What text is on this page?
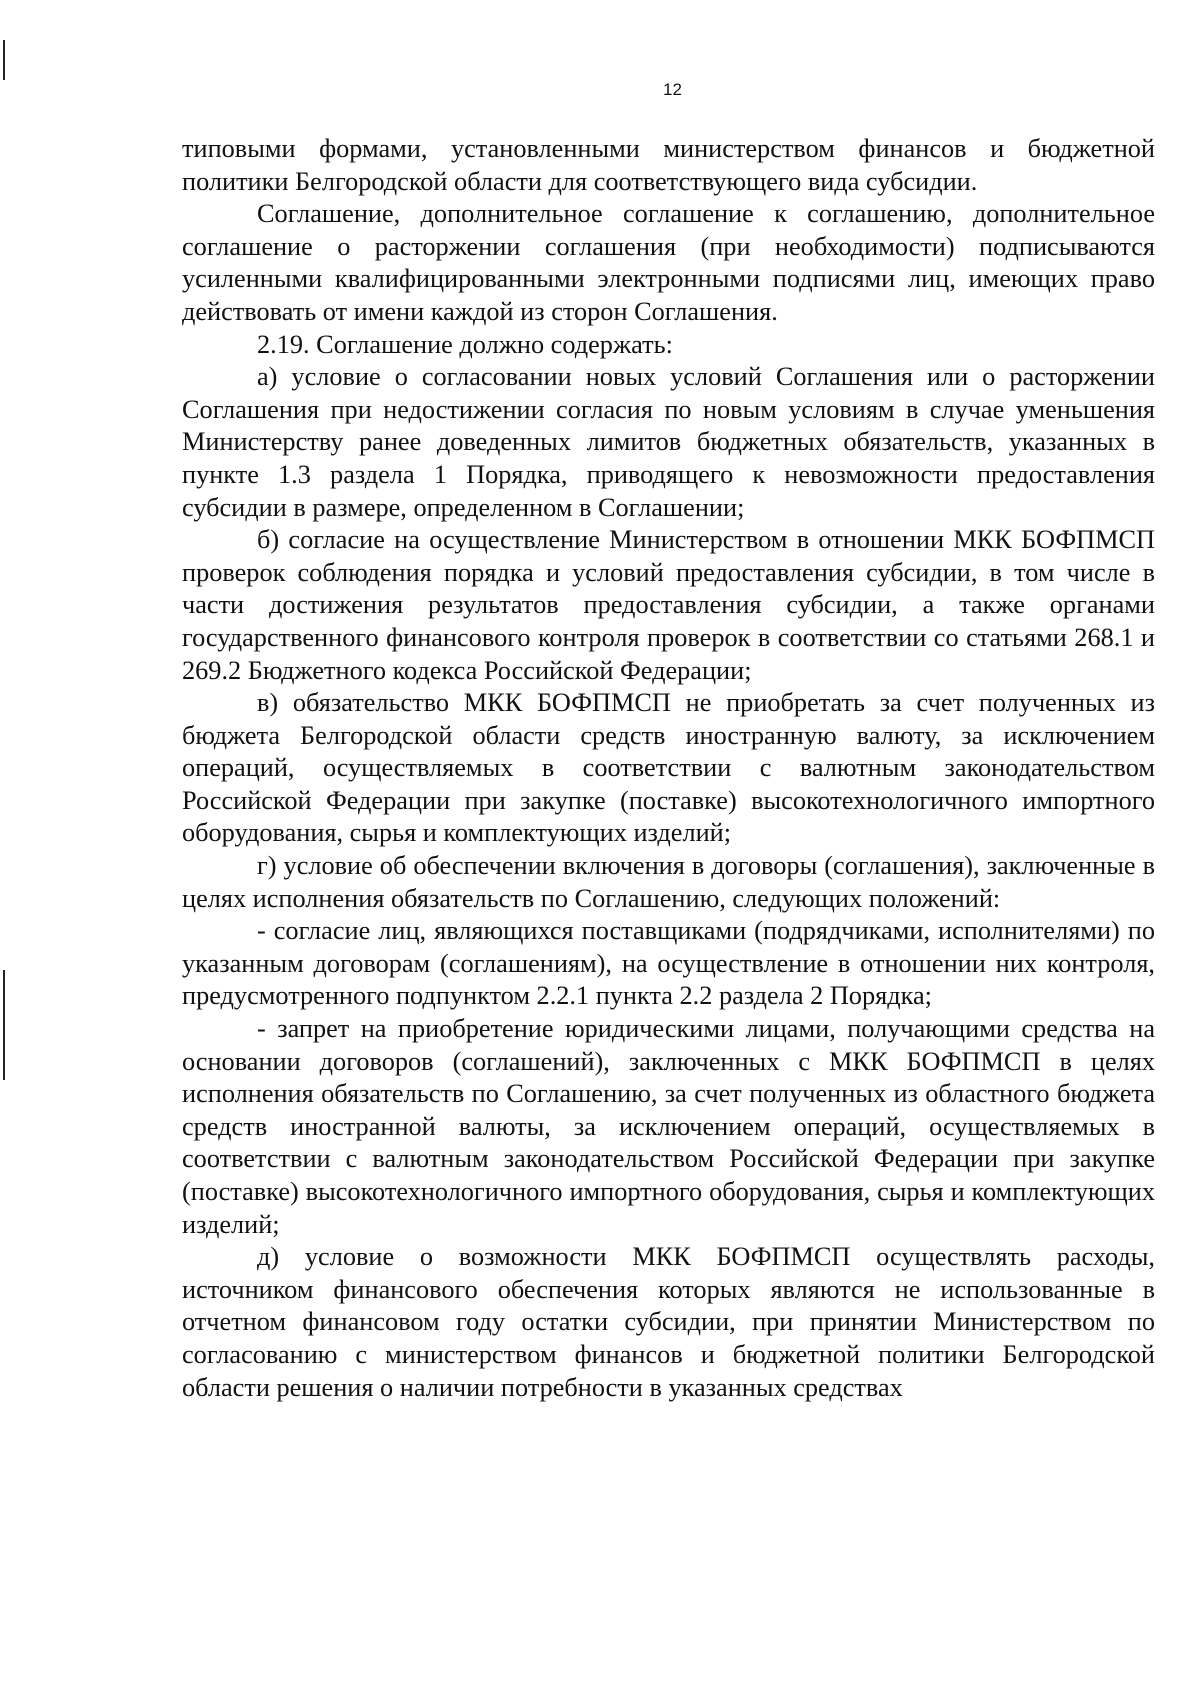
12

типовыми формами, установленными министерством финансов и бюджетной политики Белгородской области для соответствующего вида субсидии.

Соглашение, дополнительное соглашение к соглашению, дополнительное соглашение о расторжении соглашения (при необходимости) подписываются усиленными квалифицированными электронными подписями лиц, имеющих право действовать от имени каждой из сторон Соглашения.

2.19. Соглашение должно содержать:

а) условие о согласовании новых условий Соглашения или о расторжении Соглашения при недостижении согласия по новым условиям в случае уменьшения Министерству ранее доведенных лимитов бюджетных обязательств, указанных в пункте 1.3 раздела 1 Порядка, приводящего к невозможности предоставления субсидии в размере, определенном в Соглашении;

б) согласие на осуществление Министерством в отношении МКК БОФПМСП проверок соблюдения порядка и условий предоставления субсидии, в том числе в части достижения результатов предоставления субсидии, а также органами государственного финансового контроля проверок в соответствии со статьями 268.1 и 269.2 Бюджетного кодекса Российской Федерации;

в) обязательство МКК БОФПМСП не приобретать за счет полученных из бюджета Белгородской области средств иностранную валюту, за исключением операций, осуществляемых в соответствии с валютным законодательством Российской Федерации при закупке (поставке) высокотехнологичного импортного оборудования, сырья и комплектующих изделий;

г) условие об обеспечении включения в договоры (соглашения), заключенные в целях исполнения обязательств по Соглашению, следующих положений:

- согласие лиц, являющихся поставщиками (подрядчиками, исполнителями) по указанным договорам (соглашениям), на осуществление в отношении них контроля, предусмотренного подпунктом 2.2.1 пункта 2.2 раздела 2 Порядка;

- запрет на приобретение юридическими лицами, получающими средства на основании договоров (соглашений), заключенных с МКК БОФПМСП в целях исполнения обязательств по Соглашению, за счет полученных из областного бюджета средств иностранной валюты, за исключением операций, осуществляемых в соответствии с валютным законодательством Российской Федерации при закупке (поставке) высокотехнологичного импортного оборудования, сырья и комплектующих изделий;

д) условие о возможности МКК БОФПМСП осуществлять расходы, источником финансового обеспечения которых являются не использованные в отчетном финансовом году остатки субсидии, при принятии Министерством по согласованию с министерством финансов и бюджетной политики Белгородской области решения о наличии потребности в указанных средствах
